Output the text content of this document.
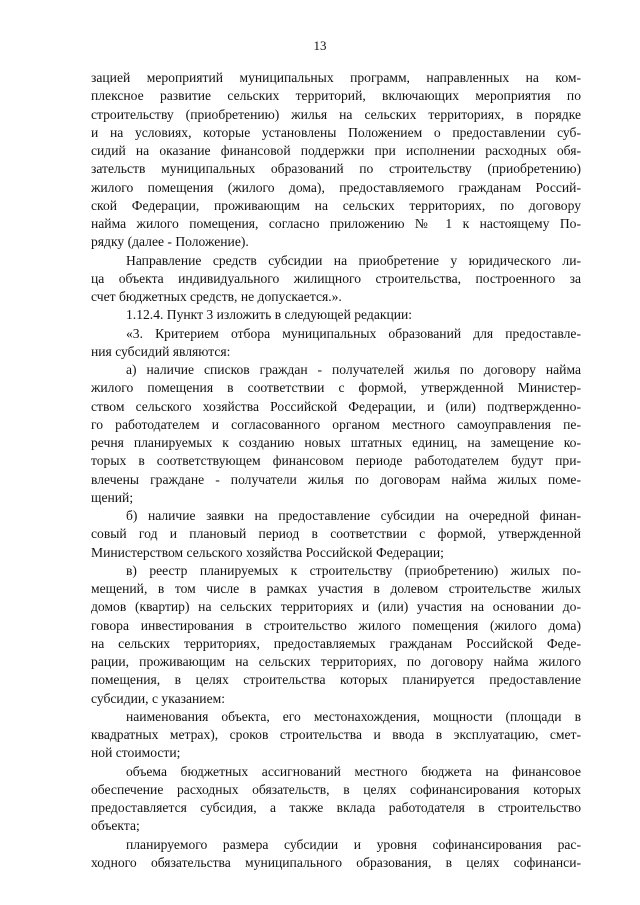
13
зацией мероприятий муниципальных программ, направленных на ком-
плексное развитие сельских территорий, включающих мероприятия по
строительству (приобретению) жилья на сельских территориях, в порядке
и на условиях, которые установлены Положением о предоставлении суб-
сидий на оказание финансовой поддержки при исполнении расходных обя-
зательств муниципальных образований по строительству (приобретению)
жилого помещения (жилого дома), предоставляемого гражданам Россий-
ской Федерации, проживающим на сельских территориях, по договору
найма жилого помещения, согласно приложению № 1 к настоящему По-
рядку (далее - Положение).
Направление средств субсидии на приобретение у юридического ли-
ца объекта индивидуального жилищного строительства, построенного за
счет бюджетных средств, не допускается.».
1.12.4. Пункт 3 изложить в следующей редакции:
«3. Критерием отбора муниципальных образований для предоставле-
ния субсидий являются:
а) наличие списков граждан - получателей жилья по договору найма
жилого помещения в соответствии с формой, утвержденной Министер-
ством сельского хозяйства Российской Федерации, и (или) подтвержденно-
го работодателем и согласованного органом местного самоуправления пе-
речня планируемых к созданию новых штатных единиц, на замещение ко-
торых в соответствующем финансовом периоде работодателем будут при-
влечены граждане - получатели жилья по договорам найма жилых поме-
щений;
б) наличие заявки на предоставление субсидии на очередной финан-
совый год и плановый период в соответствии с формой, утвержденной
Министерством сельского хозяйства Российской Федерации;
в) реестр планируемых к строительству (приобретению) жилых по-
мещений, в том числе в рамках участия в долевом строительстве жилых
домов (квартир) на сельских территориях и (или) участия на основании до-
говора инвестирования в строительство жилого помещения (жилого дома)
на сельских территориях, предоставляемых гражданам Российской Феде-
рации, проживающим на сельских территориях, по договору найма жилого
помещения, в целях строительства которых планируется предоставление
субсидии, с указанием:
наименования объекта, его местонахождения, мощности (площади в
квадратных метрах), сроков строительства и ввода в эксплуатацию, смет-
ной стоимости;
объема бюджетных ассигнований местного бюджета на финансовое
обеспечение расходных обязательств, в целях софинансирования которых
предоставляется субсидия, а также вклада работодателя в строительство
объекта;
планируемого размера субсидии и уровня софинансирования рас-
ходного обязательства муниципального образования, в целях софинанси-
